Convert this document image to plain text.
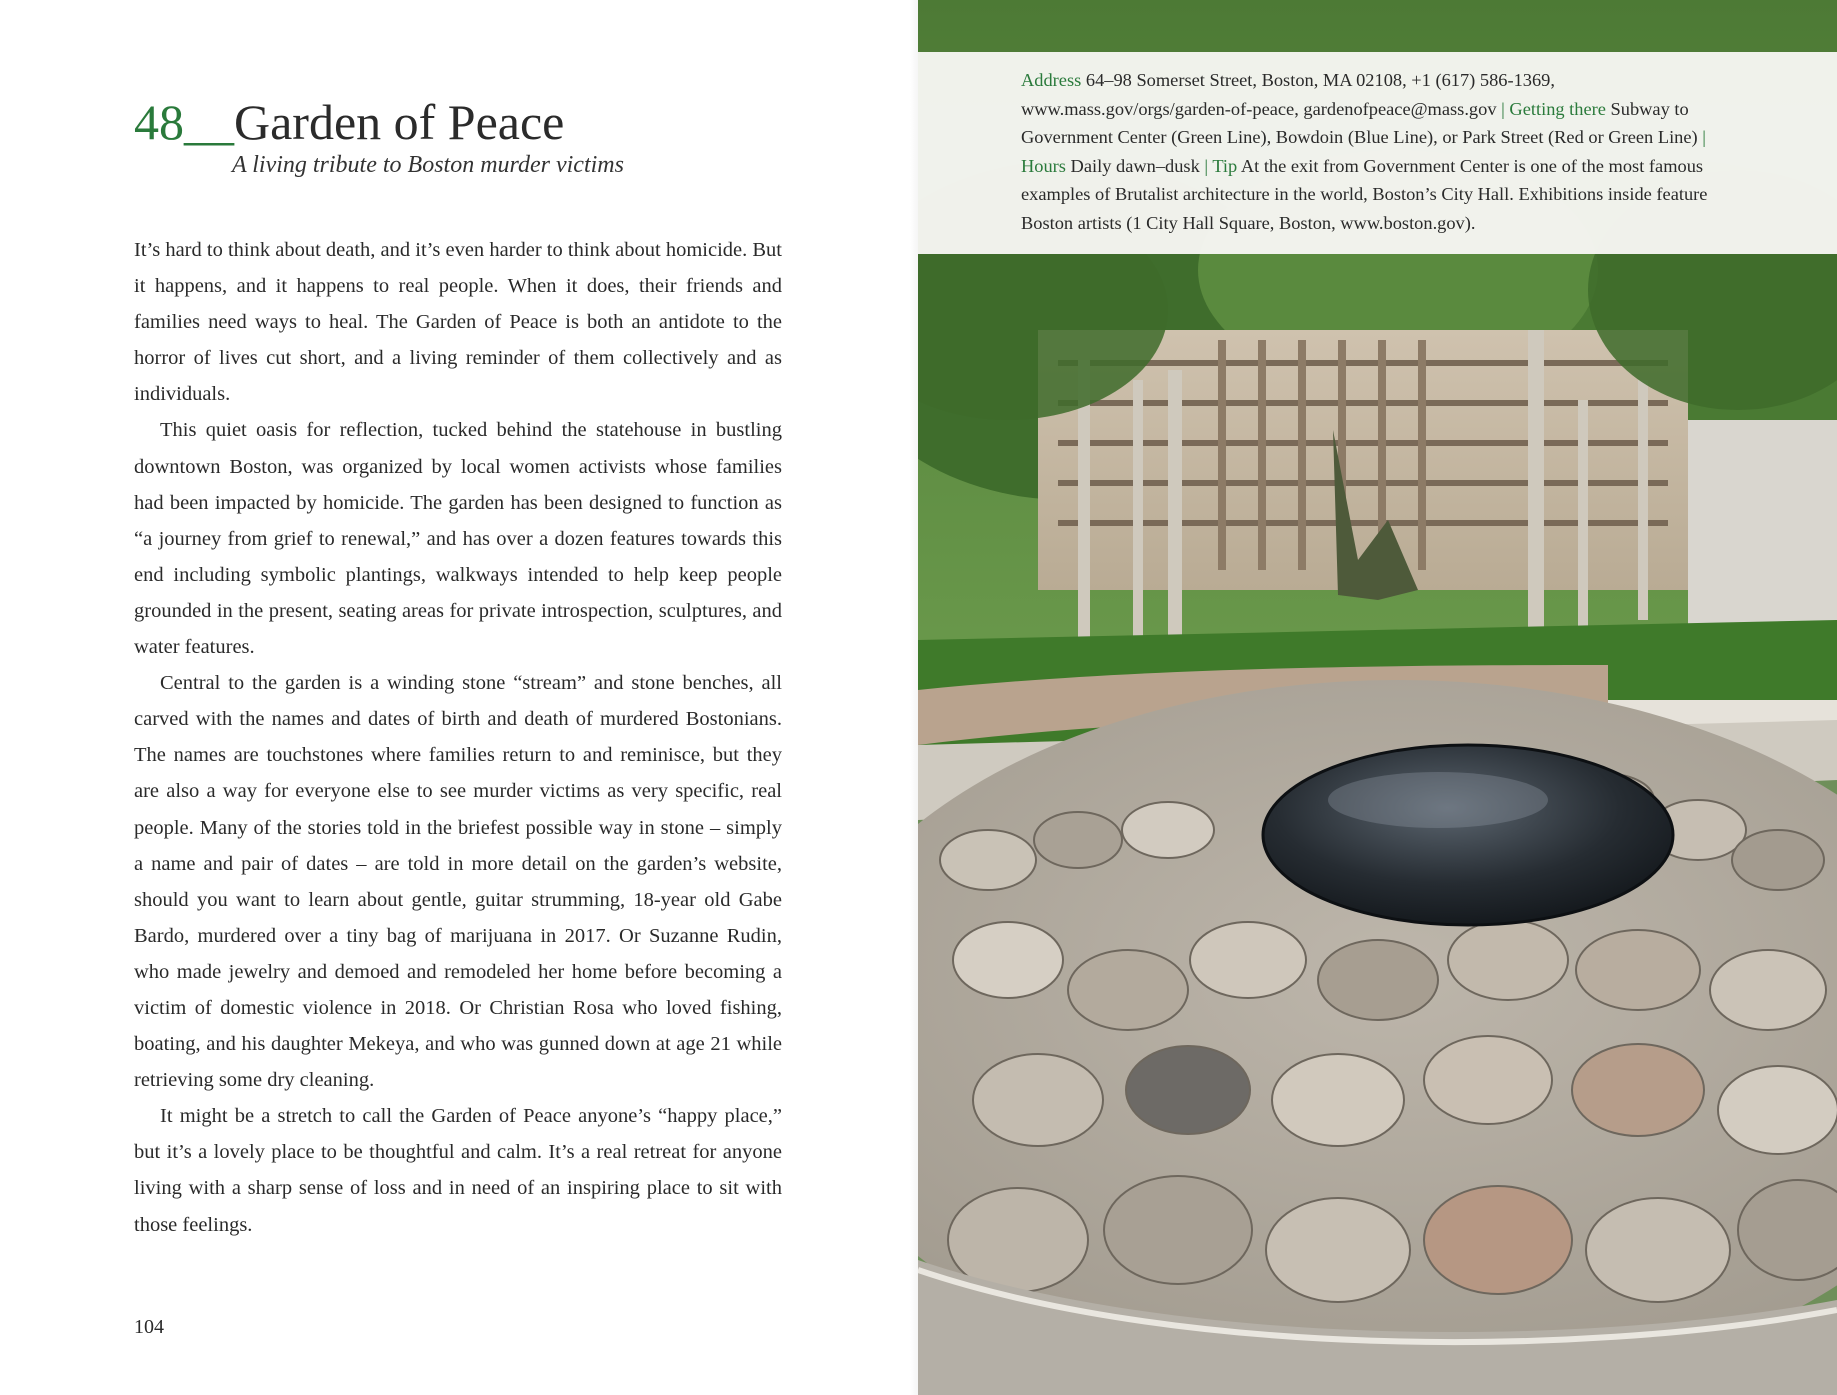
48__Garden of Peace
A living tribute to Boston murder victims

It’s hard to think about death, and it’s even harder to think about homicide. But it happens, and it happens to real people. When it does, their friends and families need ways to heal. The Garden of Peace is both an antidote to the horror of lives cut short, and a living reminder of them collectively and as individuals.

This quiet oasis for reflection, tucked behind the statehouse in bustling downtown Boston, was organized by local women activists whose families had been impacted by homicide. The garden has been designed to function as “a journey from grief to renewal,” and has over a dozen features towards this end including symbolic plantings, walkways intended to help keep people grounded in the present, seating areas for private introspection, sculptures, and water features.

Central to the garden is a winding stone “stream” and stone benches, all carved with the names and dates of birth and death of murdered Bostonians. The names are touchstones where families return to and reminisce, but they are also a way for everyone else to see murder victims as very specific, real people. Many of the stories told in the briefest possible way in stone – simply a name and pair of dates – are told in more detail on the garden’s website, should you want to learn about gentle, guitar strumming, 18-year old Gabe Bardo, murdered over a tiny bag of marijuana in 2017. Or Suzanne Rudin, who made jewelry and demoed and remodeled her home before becoming a victim of domestic violence in 2018. Or Christian Rosa who loved fishing, boating, and his daughter Mekeya, and who was gunned down at age 21 while retrieving some dry cleaning.

It might be a stretch to call the Garden of Peace anyone’s “happy place,” but it’s a lovely place to be thoughtful and calm. It’s a real retreat for anyone living with a sharp sense of loss and in need of an inspiring place to sit with those feelings.

104
Address 64–98 Somerset Street, Boston, MA 02108, +1 (617) 586-1369, www.mass.gov/orgs/garden-of-peace, gardenofpeace@mass.gov | Getting there Subway to Government Center (Green Line), Bowdoin (Blue Line), or Park Street (Red or Green Line) | Hours Daily dawn–dusk | Tip At the exit from Government Center is one of the most famous examples of Brutalist architecture in the world, Boston’s City Hall. Exhibitions inside feature Boston artists (1 City Hall Square, Boston, www.boston.gov).
